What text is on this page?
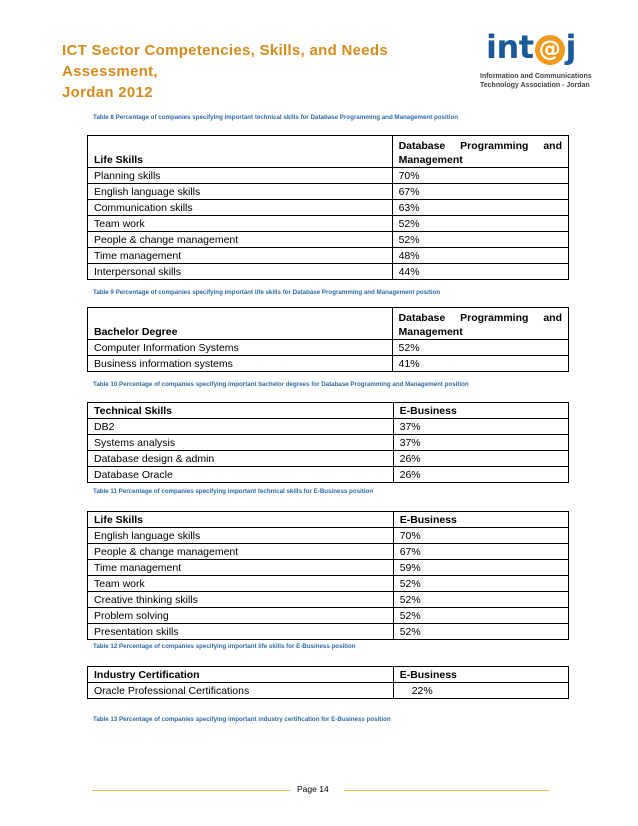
ICT Sector Competencies, Skills, and Needs Assessment,
Jordan 2012
int @ j
Information and Communications
Technology Association - Jordan
Table 8 Percentage of companies specifying important technical skills for Database Programming and Management position
Life Skills	Database Programming and
Management

Planning skills	70%
English language skills	67%
Communication skills	63%
Team work	52%
People & change management	52%
Time management	48%
Interpersonal skills	44%
Table 9 Percentage of companies specifying important life skills for Database Programming and Management position
Bachelor Degree	Database Programming and
Management

Computer Information Systems	52%
Business information systems	41%
Table 10 Percentage of companies specifying important bachelor degrees for Database Programming and Management position
Technical Skills	E-Business
DB2	37%
Systems analysis	37%
Database design & admin	26%
Database Oracle	26%
Table 11 Percentage of companies specifying important technical skills for E-Business position
Life Skills	E-Business
English language skills	70%
People & change management	67%
Time management	59%
Team work	52%
Creative thinking skills	52%
Problem solving	52%
Presentation skills	52%
Table 12 Percentage of companies specifying important life skills for E-Business position
Industry Certification	E-Business
Oracle Professional Certifications	22%
Table 13 Percentage of companies specifying important industry certification for E-Business position
Page 14
